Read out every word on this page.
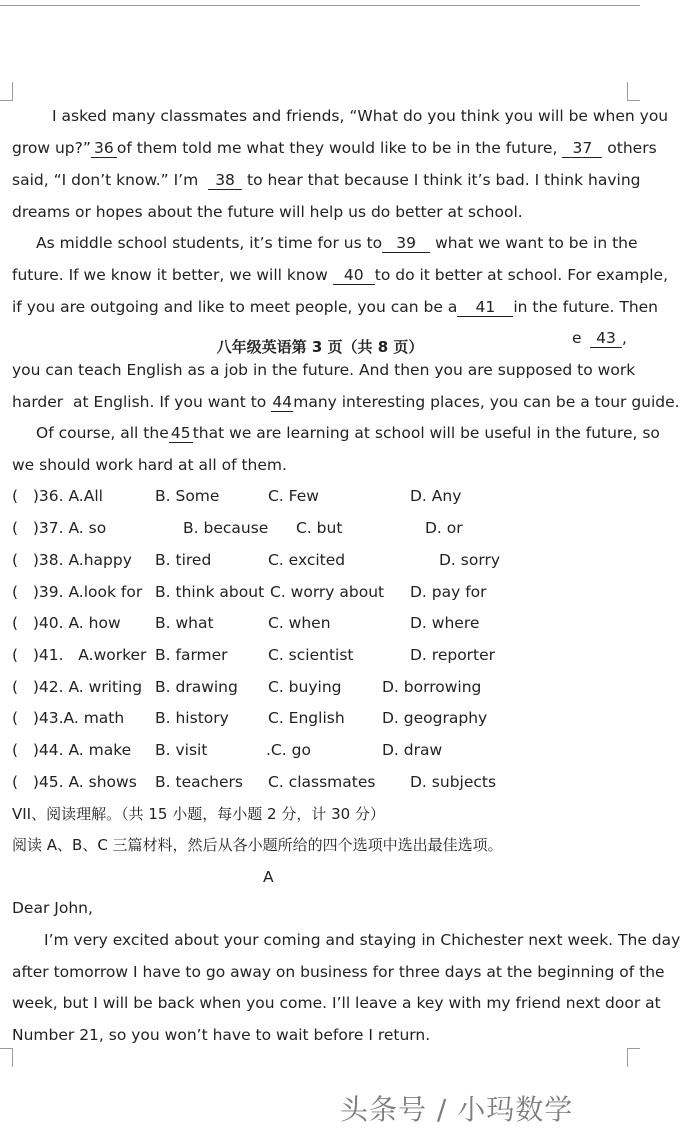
I asked many classmates and friends, “What do you think you will be when you
grow up?” 36 of them told me what they would like to be in the future, 37 others
said, “I don’t know.” I’m 38 to hear that because I think it’s bad. I think having
dreams or hopes about the future will help us do better at school.
As middle school students, it’s time for us to 39 what we want to be in the
future. If we know it better, we will know 40 to do it better at school. For example,
if you are outgoing and like to meet people, you can be a 41 in the future. Then
八年级英语第 3 页（共 8 页）	e 43 ,
you can teach English as a job in the future. And then you are supposed to work
harder  at English. If you want to 44many interesting places, you can be a tour guide.
Of course, all the 45 that we are learning at school will be useful in the future, so
we should work hard at all of them.
(   )36. A.All	B. Some	C. Few	D. Any
(   )37. A. so	B. because C. but	D. or
(   )38. A.happy B. tired	C. excited	D. sorry
(   )39. A.look for B. think about C. worry about D. pay for
(   )40. A. how B. what	C. when	D. where
(   )41.   A.worker B. farmer	C. scientist	D. reporter
(   )42. A. writing B. drawing C. buying	D. borrowing
(   )43.A. math B. history	C. English D. geography
(   )44. A. make B. visit	.C. go	D. draw
(   )45. A. shows B. teachers C. classmates D. subjects
VII、阅读理解。（共 15 小题，每小题 2 分，计 30 分）
阅读 A、B、C 三篇材料，然后从各小题所给的四个选项中选出最佳选项。
A
Dear John,
I’m very excited about your coming and staying in Chichester next week. The day
after tomorrow I have to go away on business for three days at the beginning of the
week, but I will be back when you come. I’ll leave a key with my friend next door at
Number 21, so you won’t have to wait before I return.
头条号 / 小玛数学
